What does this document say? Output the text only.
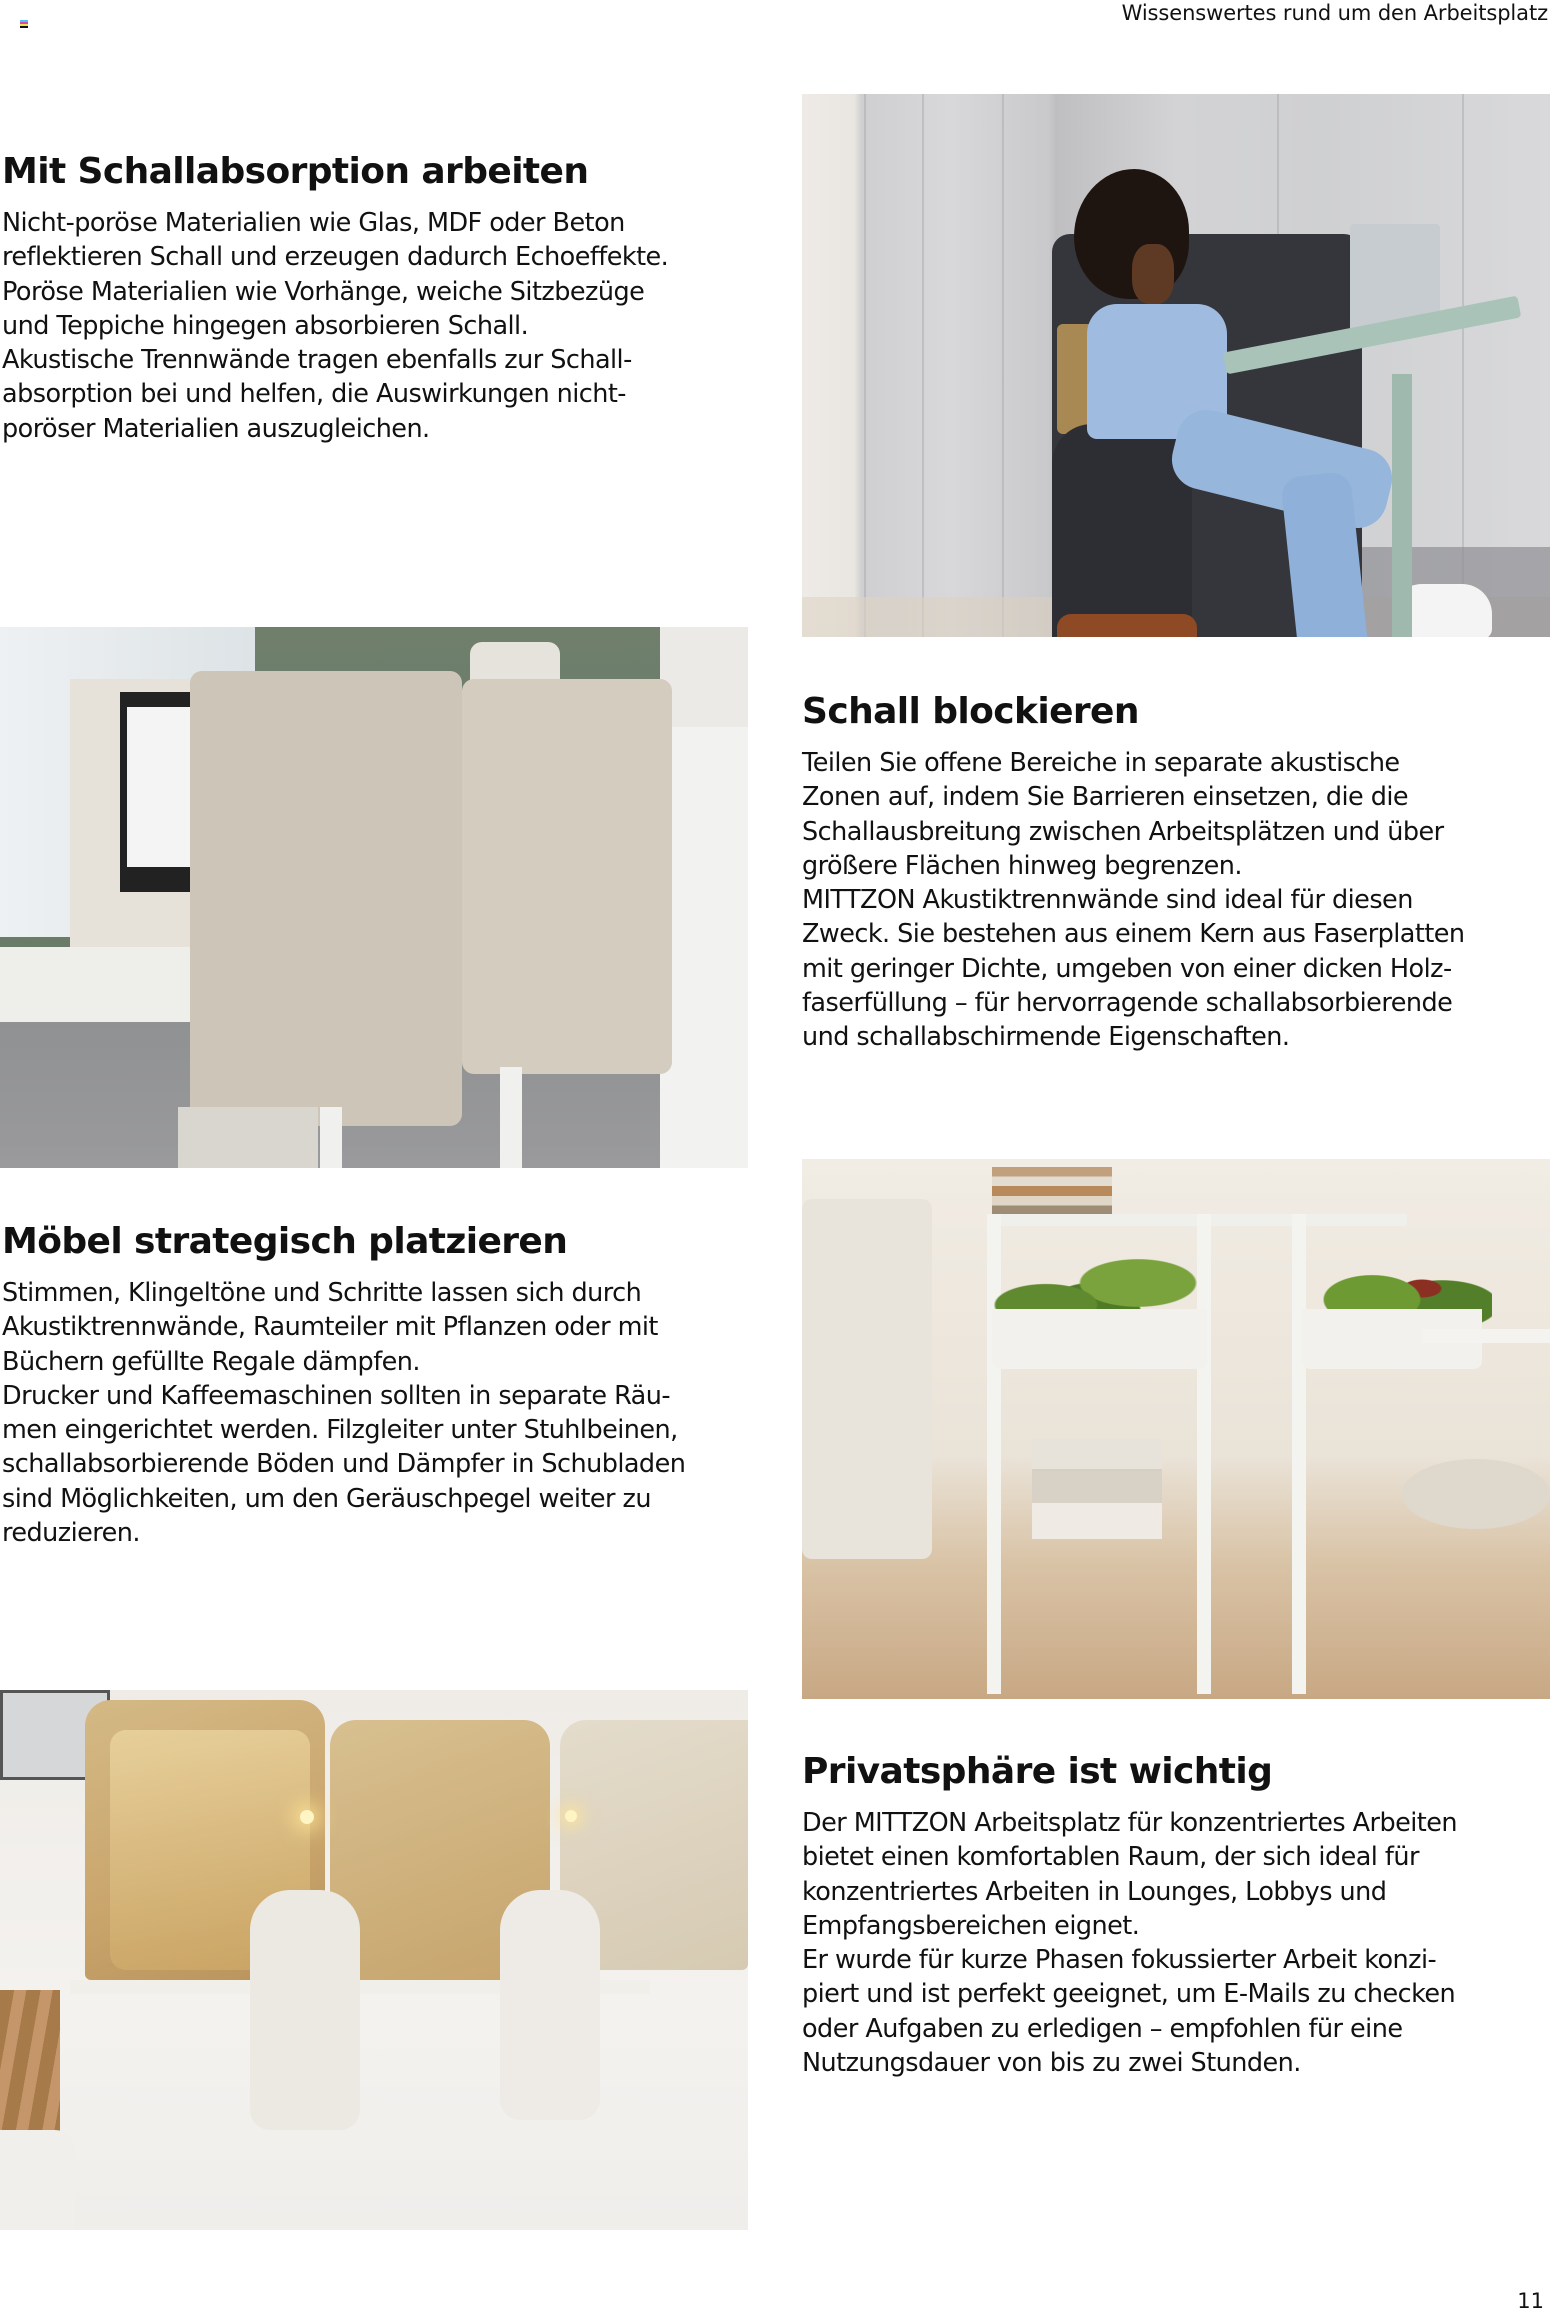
Wissenswertes rund um den Arbeitsplatz
Mit Schallabsorption arbeiten

Nicht-poröse Materialien wie Glas, MDF oder Beton
reflektieren Schall und erzeugen dadurch Echoeffekte.
Poröse Materialien wie Vorhänge, weiche Sitzbezüge
und Teppiche hingegen absorbieren Schall.
Akustische Trennwände tragen ebenfalls zur Schall-
absorption bei und helfen, die Auswirkungen nicht-
poröser Materialien auszugleichen.

Schall blockieren

Teilen Sie offene Bereiche in separate akustische
Zonen auf, indem Sie Barrieren einsetzen, die die
Schallausbreitung zwischen Arbeitsplätzen und über
größere Flächen hinweg begrenzen.
MITTZON Akustiktrennwände sind ideal für diesen
Zweck. Sie bestehen aus einem Kern aus Faserplatten
mit geringer Dichte, umgeben von einer dicken Holz-
faserfüllung – für hervorragende schallabsorbierende
und schallabschirmende Eigenschaften.

Möbel strategisch platzieren

Stimmen, Klingeltöne und Schritte lassen sich durch
Akustiktrennwände, Raumteiler mit Pflanzen oder mit
Büchern gefüllte Regale dämpfen.
Drucker und Kaffeemaschinen sollten in separate Räu-
men eingerichtet werden. Filzgleiter unter Stuhlbeinen,
schallabsorbierende Böden und Dämpfer in Schubladen
sind Möglichkeiten, um den Geräuschpegel weiter zu
reduzieren.

Privatsphäre ist wichtig

Der MITTZON Arbeitsplatz für konzentriertes Arbeiten
bietet einen komfortablen Raum, der sich ideal für
konzentriertes Arbeiten in Lounges, Lobbys und
Empfangsbereichen eignet.
Er wurde für kurze Phasen fokussierter Arbeit konzi-
piert und ist perfekt geeignet, um E-Mails zu checken
oder Aufgaben zu erledigen – empfohlen für eine
Nutzungsdauer von bis zu zwei Stunden.

11
